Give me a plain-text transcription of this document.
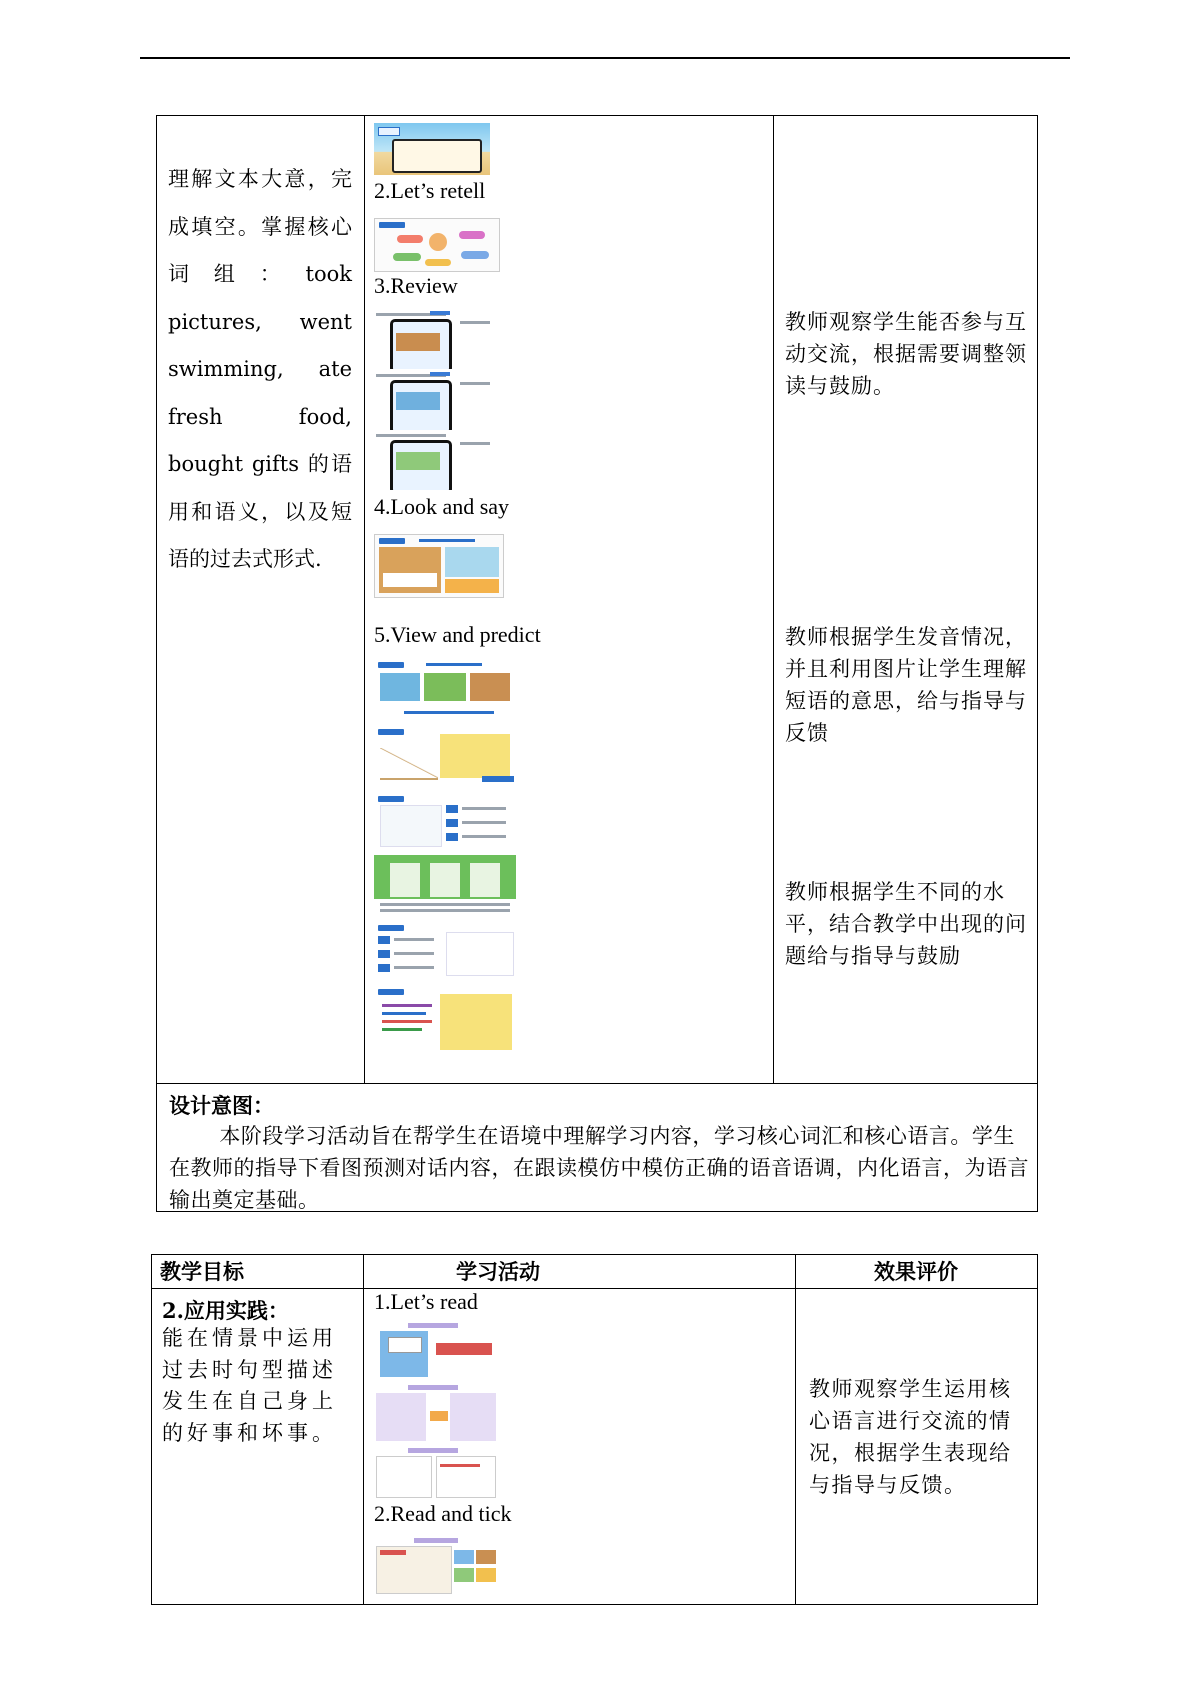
理解文本大意，完成填空。掌握核心词组：took pictures, went swimming, ate fresh food, bought gifts 的语用和语义，以及短语的过去式形式.
2.Let’s retell
3.Review
4.Look and say
5.View and predict
教师观察学生能否参与互动交流，根据需要调整领读与鼓励。
教师根据学生发音情况，并且利用图片让学生理解短语的意思，给与指导与反馈
教师根据学生不同的水平，结合教学中出现的问题给与指导与鼓励
设计意图：
本阶段学习活动旨在帮学生在语境中理解学习内容，学习核心词汇和核心语言。学生在教师的指导下看图预测对话内容，在跟读模仿中模仿正确的语音语调，内化语言，为语言输出奠定基础。
教学目标	学习活动	效果评价
2.应用实践：
能在情景中运用过去时句型描述发生在自己身上的好事和坏事。
1.Let’s read
2.Read and tick
教师观察学生运用核心语言进行交流的情况，根据学生表现给与指导与反馈。
